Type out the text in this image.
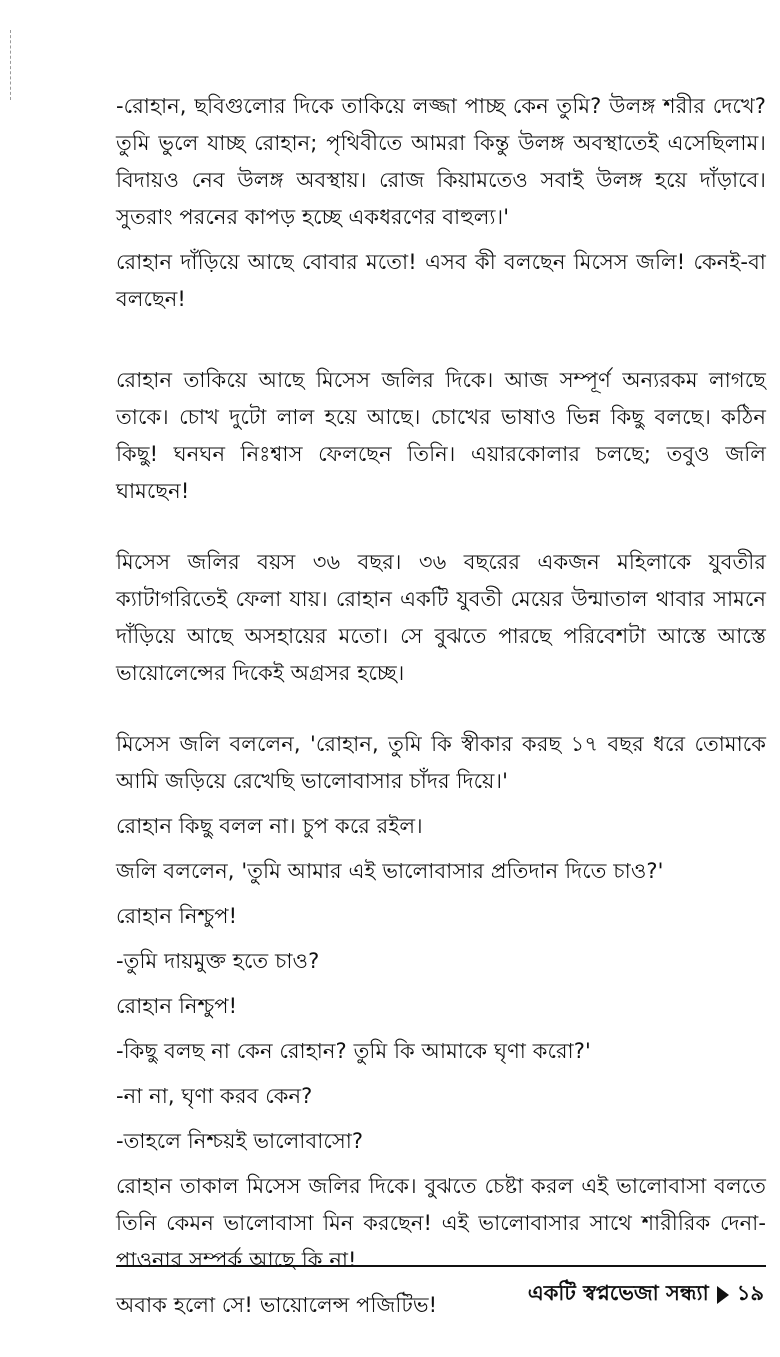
-রোহান, ছবিগুলোর দিকে তাকিয়ে লজ্জা পাচ্ছ কেন তুমি? উলঙ্গ শরীর দেখে? তুমি ভুলে যাচ্ছ রোহান; পৃথিবীতে আমরা কিন্তু উলঙ্গ অবস্থাতেই এসেছিলাম। বিদায়ও নেব উলঙ্গ অবস্থায়। রোজ কিয়ামতেও সবাই উলঙ্গ হয়ে দাঁড়াবে। সুতরাং পরনের কাপড় হচ্ছে একধরণের বাহুল্য।'

রোহান দাঁড়িয়ে আছে বোবার মতো! এসব কী বলছেন মিসেস জলি! কেনই-বা বলছেন!

রোহান তাকিয়ে আছে মিসেস জলির দিকে। আজ সম্পূর্ণ অন্যরকম লাগছে তাকে। চোখ দুটো লাল হয়ে আছে। চোখের ভাষাও ভিন্ন কিছু বলছে। কঠিন কিছু! ঘনঘন নিঃশ্বাস ফেলছেন তিনি। এয়ারকোলার চলছে; তবুও জলি ঘামছেন!

মিসেস জলির বয়স ৩৬ বছর। ৩৬ বছরের একজন মহিলাকে যুবতীর ক্যাটাগরিতেই ফেলা যায়। রোহান একটি যুবতী মেয়ের উন্মাতাল থাবার সামনে দাঁড়িয়ে আছে অসহায়ের মতো। সে বুঝতে পারছে পরিবেশটা আস্তে আস্তে ভায়োলেন্সের দিকেই অগ্রসর হচ্ছে।

মিসেস জলি বললেন, 'রোহান, তুমি কি স্বীকার করছ ১৭ বছর ধরে তোমাকে আমি জড়িয়ে রেখেছি ভালোবাসার চাঁদর দিয়ে।'

রোহান কিছু বলল না। চুপ করে রইল।

জলি বললেন, 'তুমি আমার এই ভালোবাসার প্রতিদান দিতে চাও?'

রোহান নিশ্চুপ!

-তুমি দায়মুক্ত হতে চাও?

রোহান নিশ্চুপ!

-কিছু বলছ না কেন রোহান? তুমি কি আমাকে ঘৃণা করো?'

-না না, ঘৃণা করব কেন?

-তাহলে নিশ্চয়ই ভালোবাসো?

রোহান তাকাল মিসেস জলির দিকে। বুঝতে চেষ্টা করল এই ভালোবাসা বলতে তিনি কেমন ভালোবাসা মিন করছেন! এই ভালোবাসার সাথে শারীরিক দেনা-পাওনার সম্পর্ক আছে কি না!

অবাক হলো সে! ভায়োলেন্স পজিটিভ!	একটি স্বপ্নভেজা সন্ধ্যা ১৯
